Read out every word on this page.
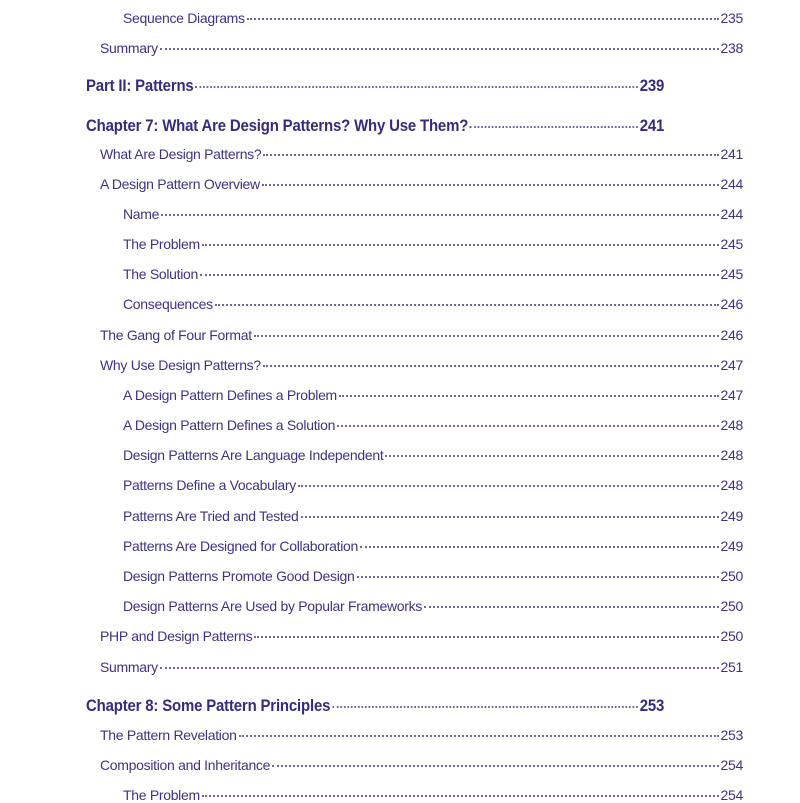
Sequence Diagrams	235
Summary	238
Part II: Patterns	239
Chapter 7: What Are Design Patterns? Why Use Them?	241
What Are Design Patterns?	241
A Design Pattern Overview	244
Name	244
The Problem	245
The Solution	245
Consequences	246
The Gang of Four Format	246
Why Use Design Patterns?	247
A Design Pattern Defines a Problem	247
A Design Pattern Defines a Solution	248
Design Patterns Are Language Independent	248
Patterns Define a Vocabulary	248
Patterns Are Tried and Tested	249
Patterns Are Designed for Collaboration	249
Design Patterns Promote Good Design	250
Design Patterns Are Used by Popular Frameworks	250
PHP and Design Patterns	250
Summary	251
Chapter 8: Some Pattern Principles	253
The Pattern Revelation	253
Composition and Inheritance	254
The Problem	254
